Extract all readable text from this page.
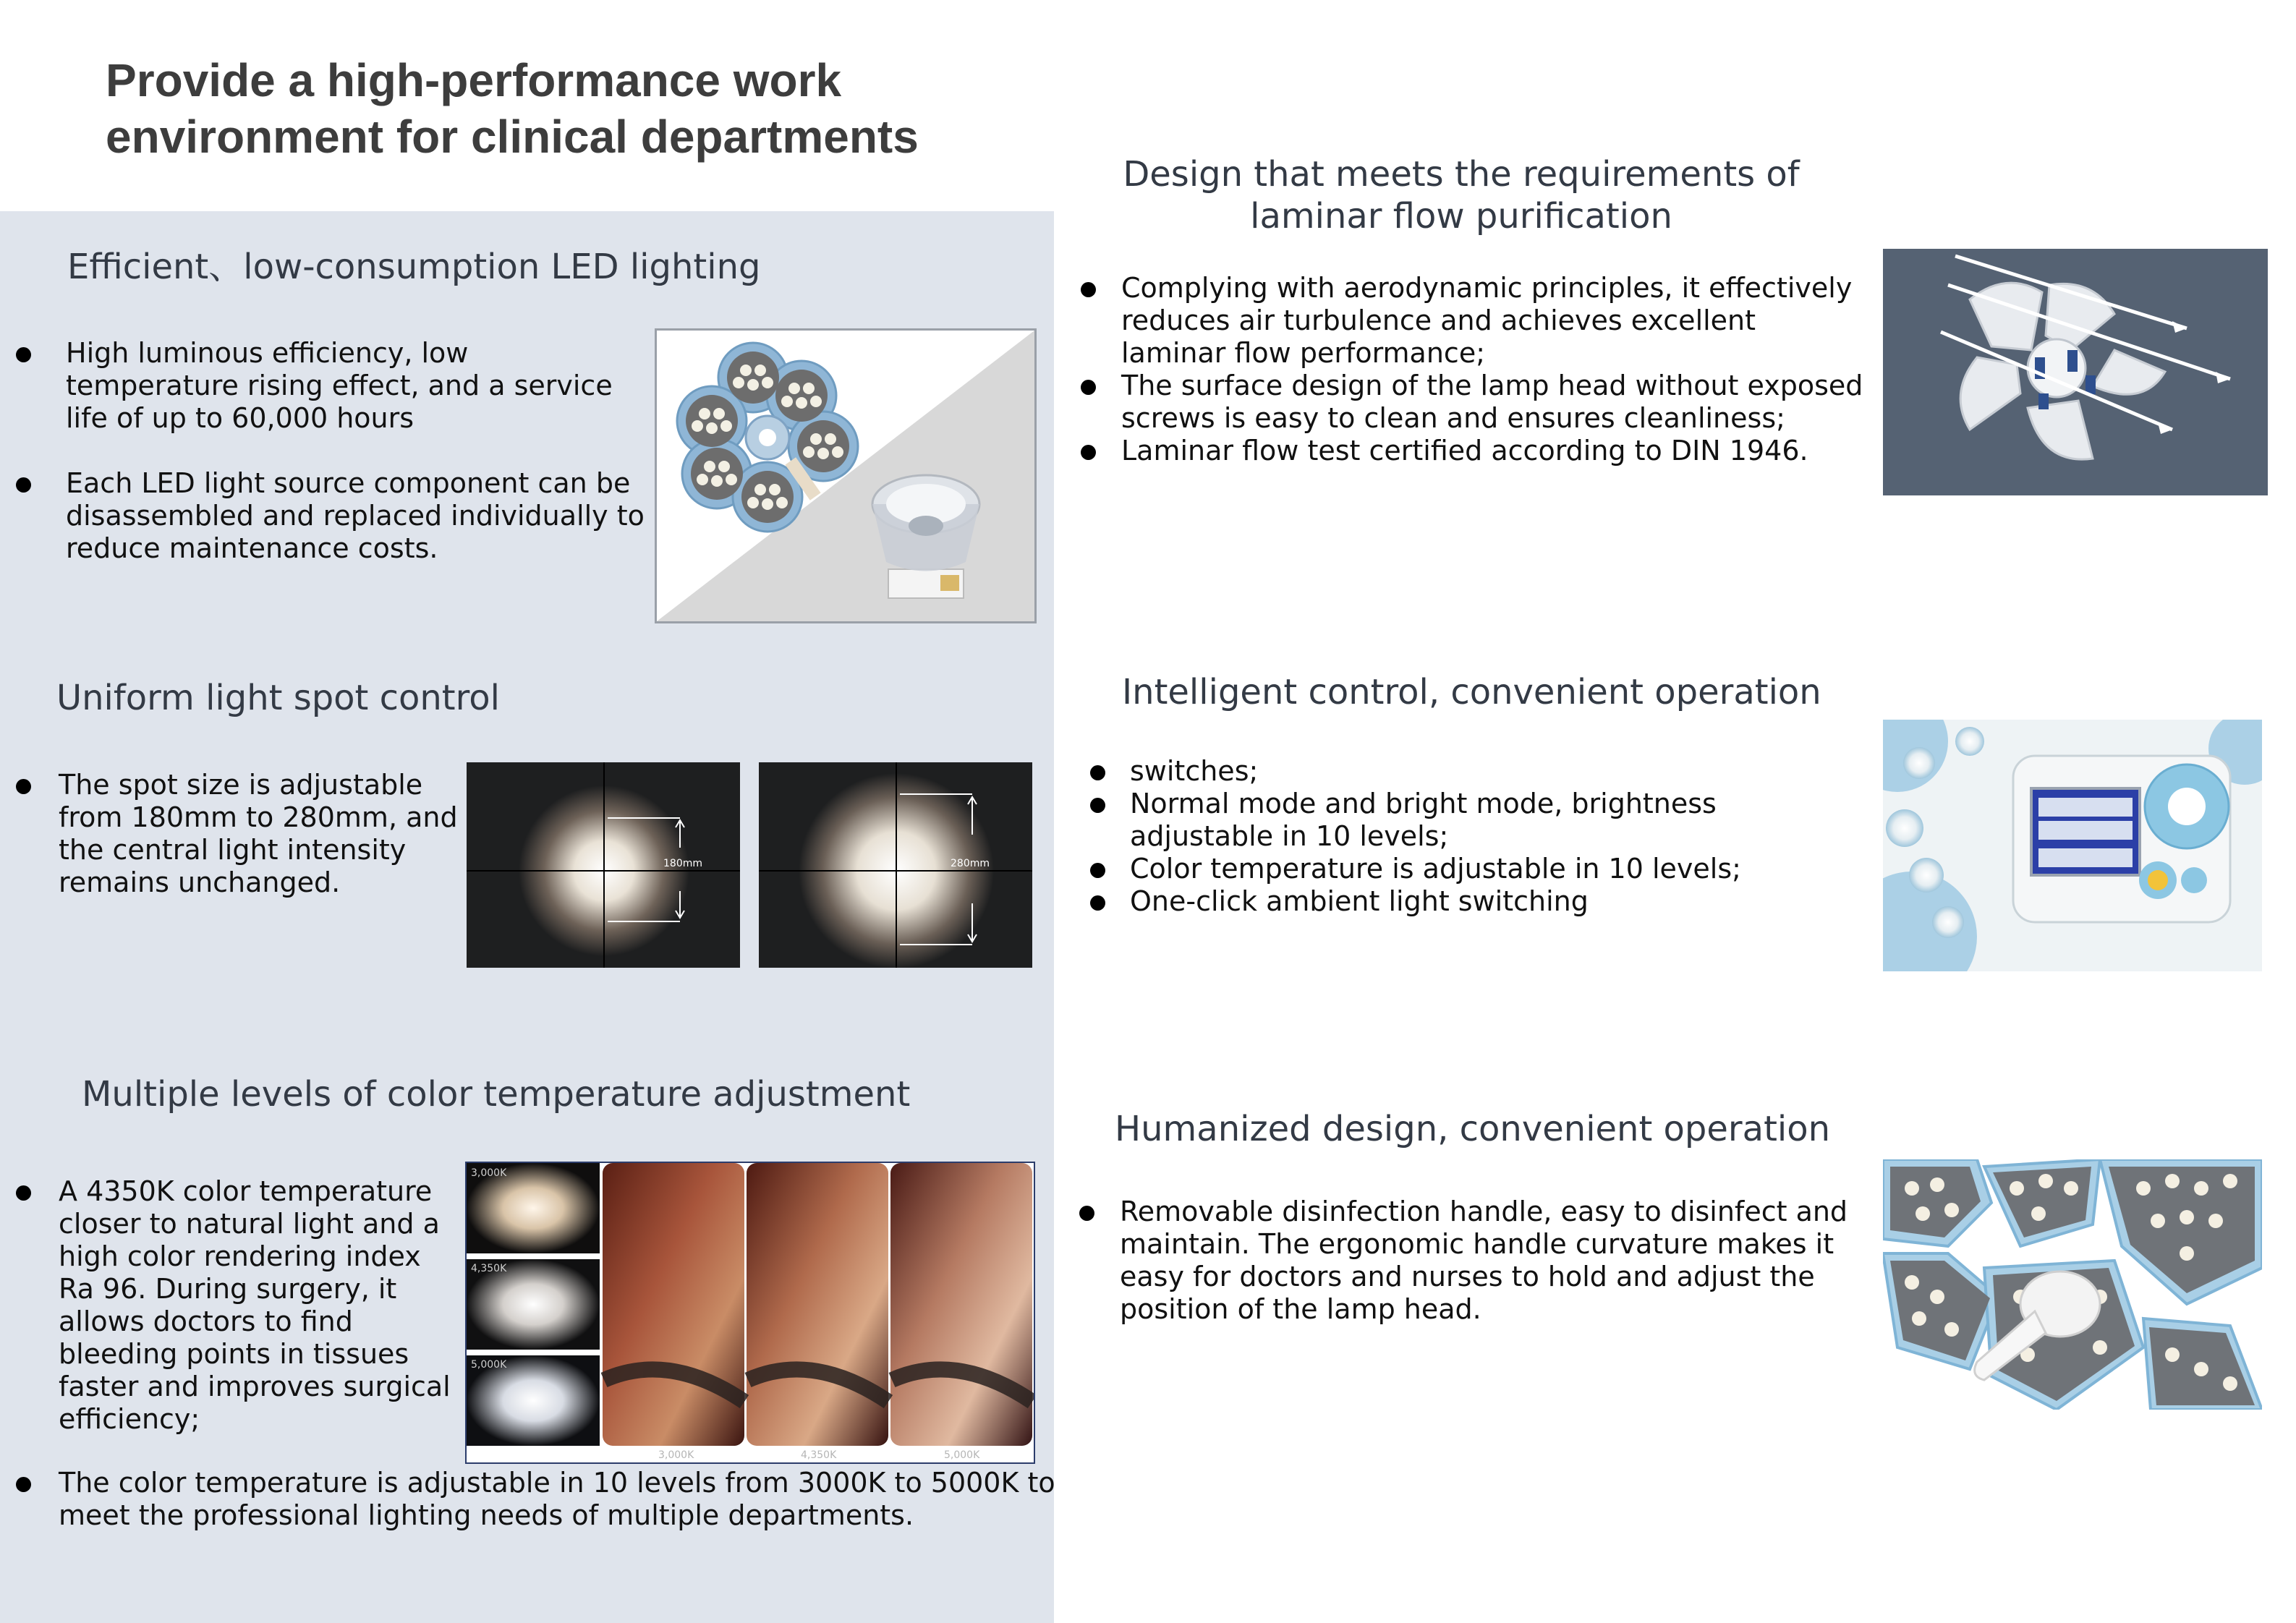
Provide a high-performance work environment for clinical departments
Efficient、low-consumption LED lighting
High luminous efficiency, low temperature rising effect, and a service life of up to 60,000 hours
Each LED light source component can be disassembled and replaced individually to reduce maintenance costs.
Uniform light spot control
The spot size is adjustable from 180mm to 280mm, and the central light intensity remains unchanged.
180mm	280mm
Multiple levels of color temperature adjustment
A 4350K color temperature closer to natural light and a high color rendering index Ra 96. During surgery, it allows doctors to find bleeding points in tissues faster and improves surgical efficiency;
The color temperature is adjustable in 10 levels from 3000K to 5000K to meet the professional lighting needs of multiple departments.
3,000K
4,350K
5,000K
3,000K	4,350K	5,000K
Design that meets the requirements of
laminar flow purification
Complying with aerodynamic principles, it effectively reduces air turbulence and achieves excellent laminar flow performance;
The surface design of the lamp head without exposed screws is easy to clean and ensures cleanliness;
Laminar flow test certified according to DIN 1946.
Intelligent control, convenient operation
switches;
Normal mode and bright mode, brightness adjustable in 10 levels;
Color temperature is adjustable in 10 levels;
One-click ambient light switching
Humanized design, convenient operation
Removable disinfection handle, easy to disinfect and maintain. The ergonomic handle curvature makes it easy for doctors and nurses to hold and adjust the position of the lamp head.
